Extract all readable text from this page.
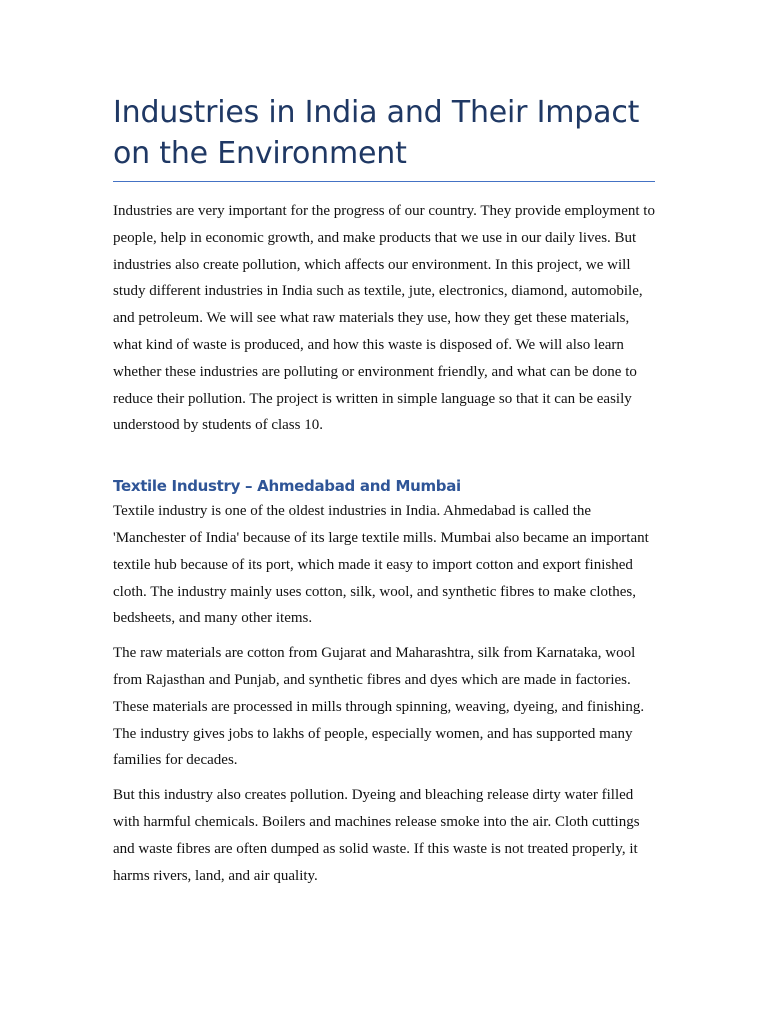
Industries in India and Their Impact on the Environment

Industries are very important for the progress of our country. They provide employment to people, help in economic growth, and make products that we use in our daily lives. But industries also create pollution, which affects our environment. In this project, we will study different industries in India such as textile, jute, electronics, diamond, automobile, and petroleum. We will see what raw materials they use, how they get these materials, what kind of waste is produced, and how this waste is disposed of. We will also learn whether these industries are polluting or environment friendly, and what can be done to reduce their pollution. The project is written in simple language so that it can be easily understood by students of class 10.

Textile Industry – Ahmedabad and Mumbai

Textile industry is one of the oldest industries in India. Ahmedabad is called the 'Manchester of India' because of its large textile mills. Mumbai also became an important textile hub because of its port, which made it easy to import cotton and export finished cloth. The industry mainly uses cotton, silk, wool, and synthetic fibres to make clothes, bedsheets, and many other items.

The raw materials are cotton from Gujarat and Maharashtra, silk from Karnataka, wool from Rajasthan and Punjab, and synthetic fibres and dyes which are made in factories. These materials are processed in mills through spinning, weaving, dyeing, and finishing. The industry gives jobs to lakhs of people, especially women, and has supported many families for decades.

But this industry also creates pollution. Dyeing and bleaching release dirty water filled with harmful chemicals. Boilers and machines release smoke into the air. Cloth cuttings and waste fibres are often dumped as solid waste. If this waste is not treated properly, it harms rivers, land, and air quality.
